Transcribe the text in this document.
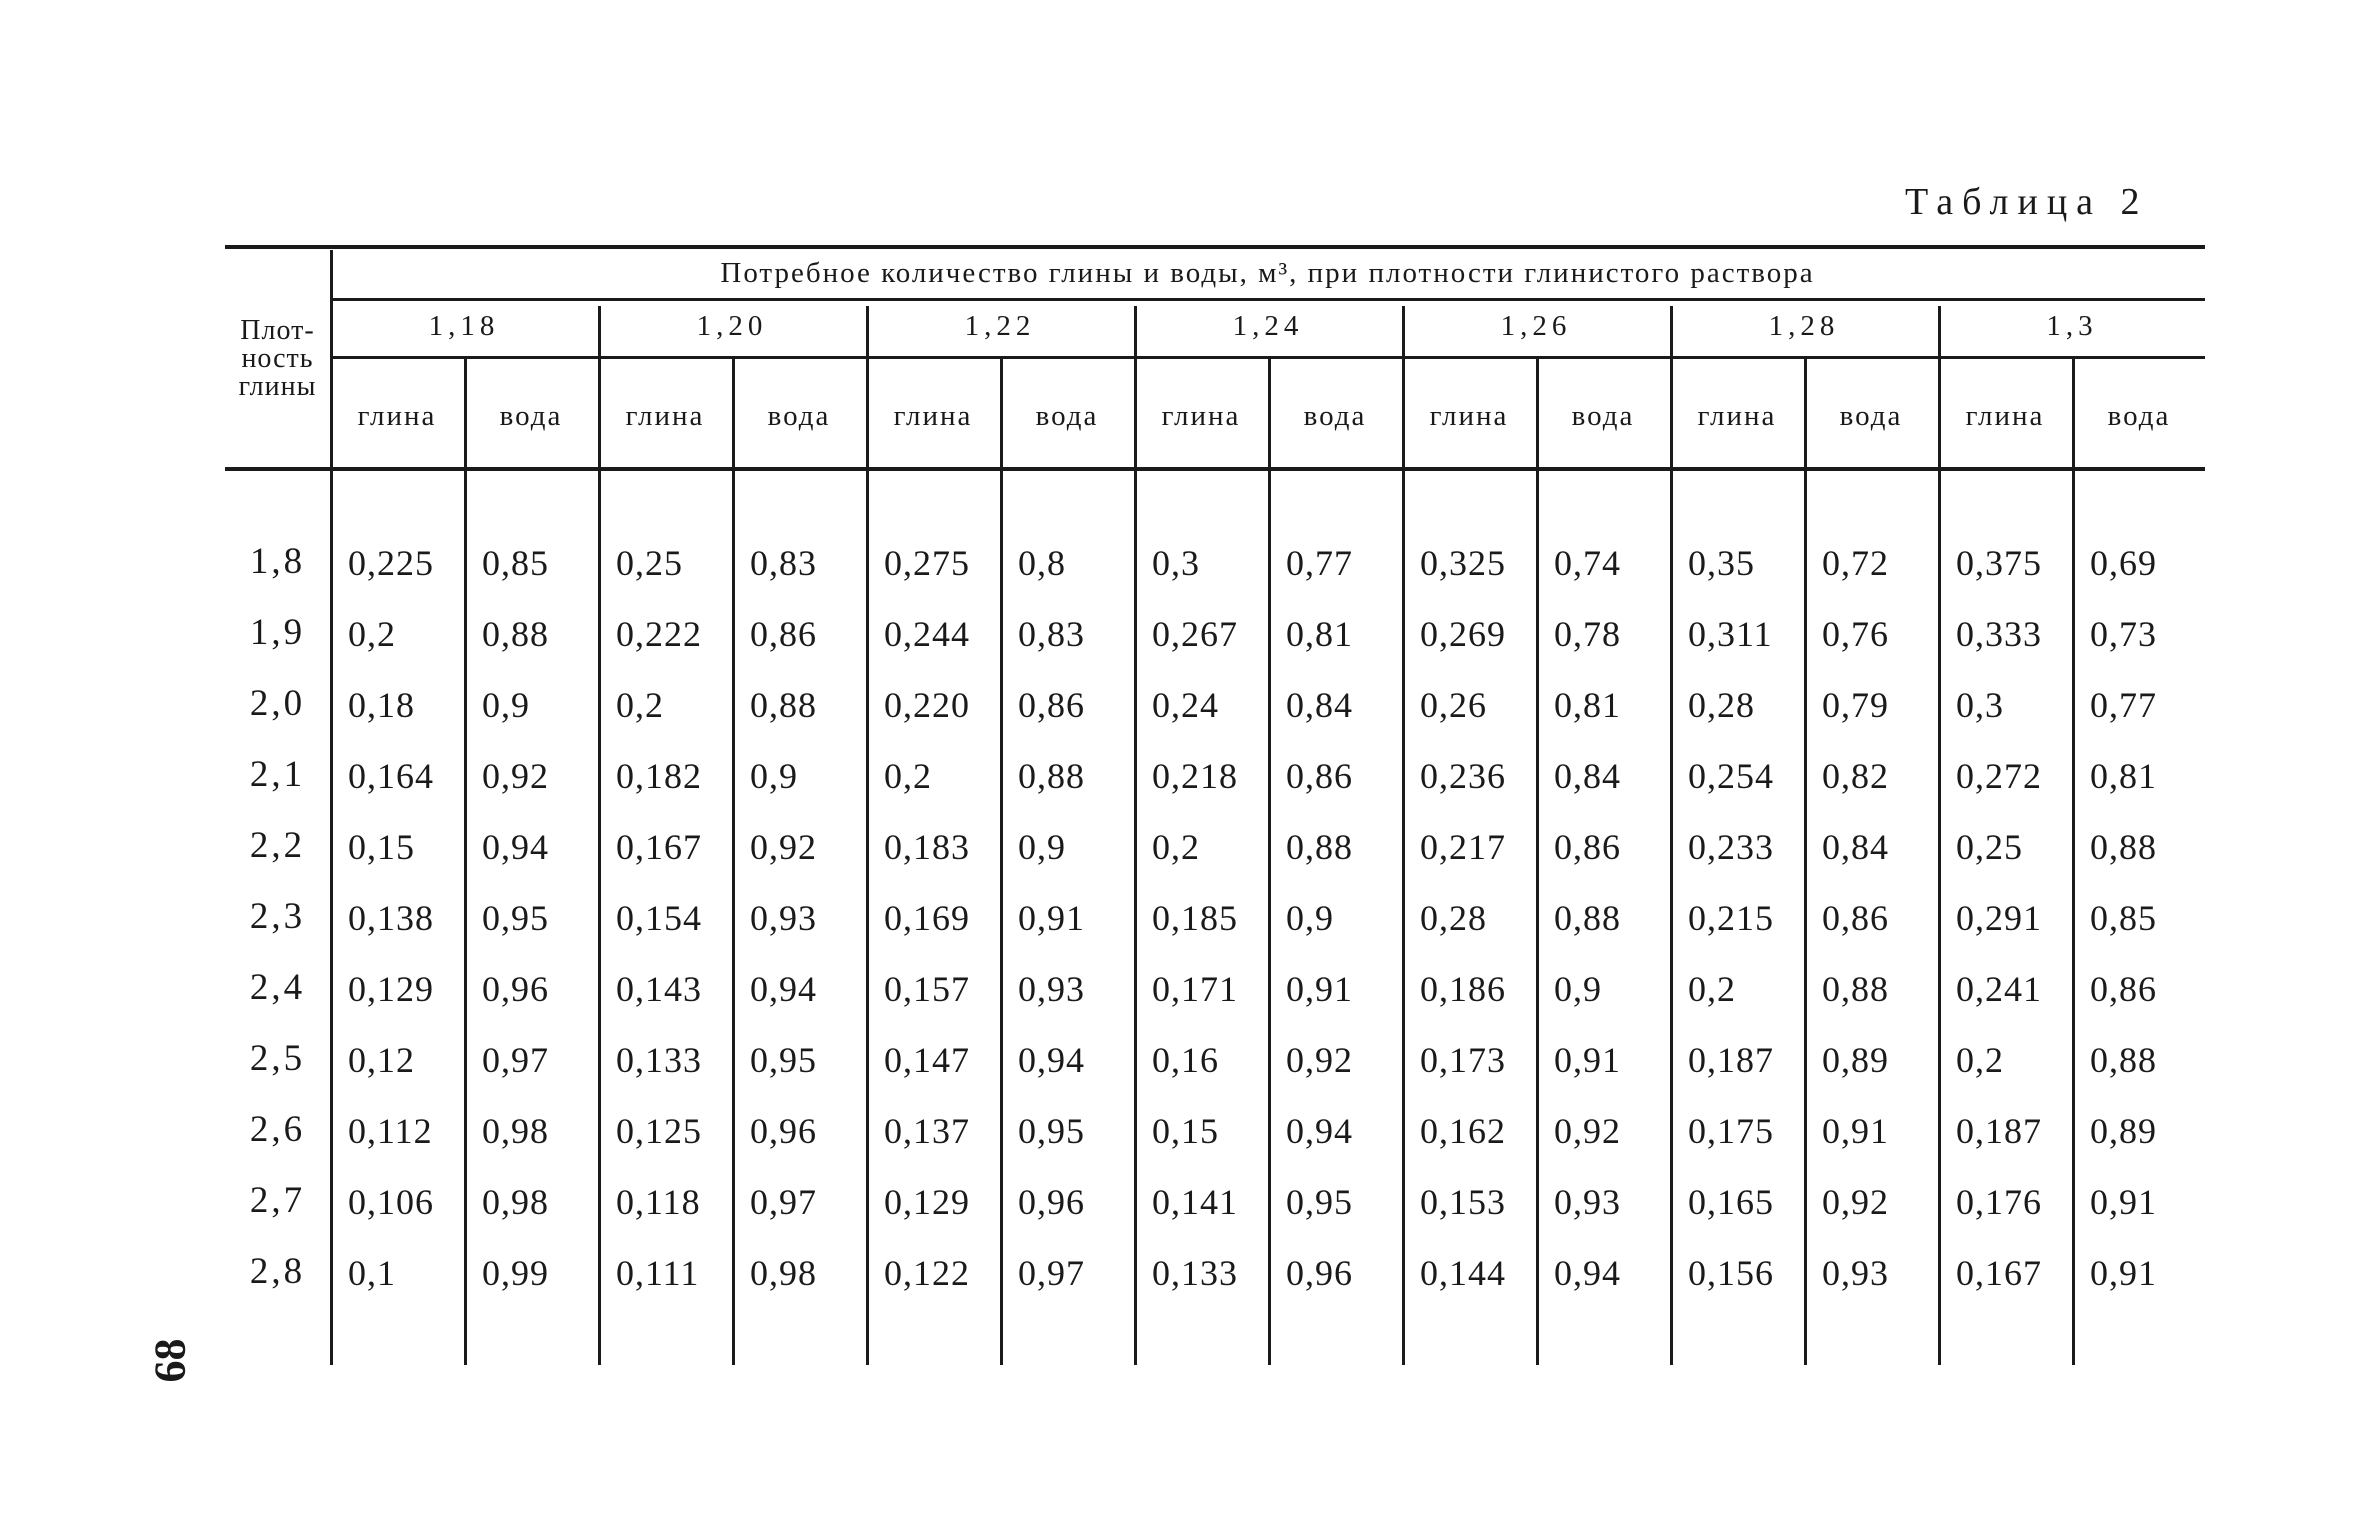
Таблица 2
Плот-
ность
глины
Потребное количество глины и воды, м³, при плотности глинистого раствора
1,18
глина	вода
1,20
глина	вода
1,22
глина	вода
1,24
глина	вода
1,26
глина	вода
1,28
глина	вода
1,3
глина	вода
1,8	0,225 0,85 0,25 0,83 0,275 0,8 0,3 0,77 0,325 0,74 0,35 0,72 0,375 0,69
1,9	0,2 0,88 0,222 0,86 0,244 0,83 0,267 0,81 0,269 0,78 0,311 0,76 0,333 0,73
2,0	0,18 0,9 0,2 0,88 0,220 0,86 0,24 0,84 0,26 0,81 0,28 0,79 0,3 0,77
2,1	0,164 0,92 0,182 0,9 0,2 0,88 0,218 0,86 0,236 0,84 0,254 0,82 0,272 0,81
2,2	0,15 0,94 0,167 0,92 0,183 0,9 0,2 0,88 0,217 0,86 0,233 0,84 0,25 0,88
2,3	0,138 0,95 0,154 0,93 0,169 0,91 0,185 0,9 0,28 0,88 0,215 0,86 0,291 0,85
2,4	0,129 0,96 0,143 0,94 0,157 0,93 0,171 0,91 0,186 0,9 0,2 0,88 0,241 0,86
2,5	0,12 0,97 0,133 0,95 0,147 0,94 0,16 0,92 0,173 0,91 0,187 0,89 0,2 0,88
2,6	0,112 0,98 0,125 0,96 0,137 0,95 0,15 0,94 0,162 0,92 0,175 0,91 0,187 0,89
2,7	0,106 0,98 0,118 0,97 0,129 0,96 0,141 0,95 0,153 0,93 0,165 0,92 0,176 0,91
2,8	0,1 0,99 0,111 0,98 0,122 0,97 0,133 0,96 0,144 0,94 0,156 0,93 0,167 0,91
68
